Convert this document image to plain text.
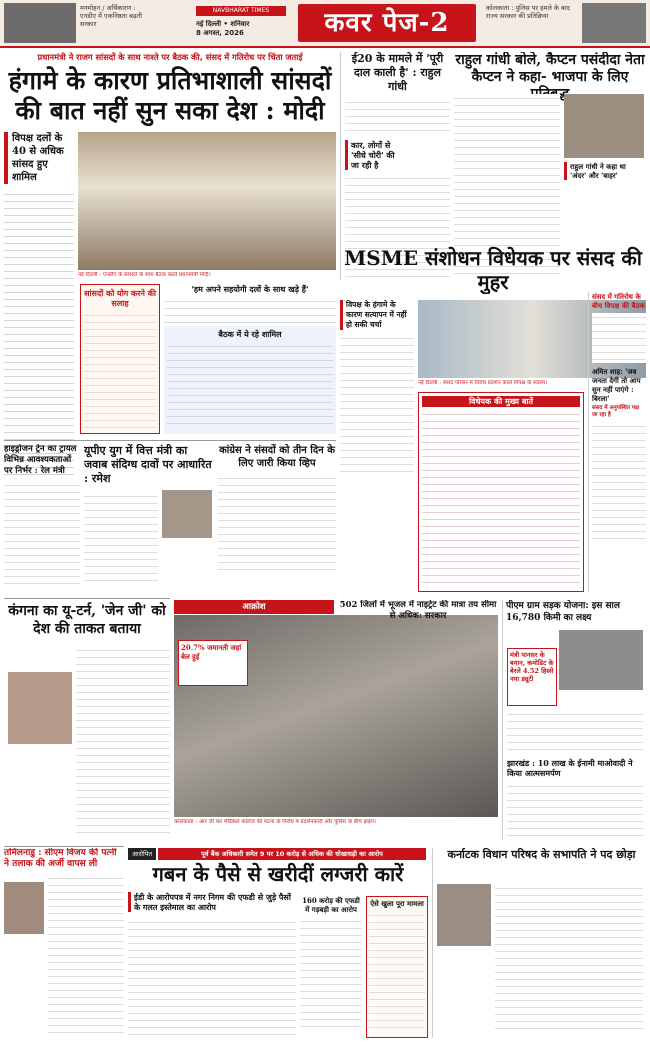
मनमोहन / अर्थिकारण : एनडीए में एकनिष्ठता बढ़ती सरकार
NAVBHARAT TIMES
नई दिल्ली • शनिवार
8 अगस्त, 2026	कवर पेज-2	कोलकाता : पुलिस पर हमले के बाद राज्य सरकार की प्रतिक्रिया
प्रधानमंत्री ने राजग सांसदों के साथ नाश्ते पर बैठक की, संसद में गतिरोध पर चिंता जताई
हंगामे के कारण प्रतिभाशाली सांसदों की बात नहीं सुन सका देश : मोदी
विपक्ष दलों के 40 से अधिक सांसद हुए शामिल
नई दिल्ली : एनडीए के सांसदों के साथ बैठक करते प्रधानमंत्री मोदी।
सांसदों को योग करने की सलाह
'हम अपने सहयोगी दलों के साथ खड़े हैं'
बैठक में ये रहे शामिल
ई20 के मामले में 'पूरी दाल काली है' : राहुल गांधी
कार, लोगों से 'सीधे चोरी' की जा रही है
राहुल गांधी बोले, कैप्टन पसंदीदा नेता कैप्टन ने कहा- भाजपा के लिए
राहुल गांधी ने कहा था 'अंदर' और 'बाहर'
MSME संशोधन विधेयक पर संसद की मुहर
विपक्ष के हंगामे के कारण सत्यापन में नहीं हो सकी चर्चा
नई दिल्ली : संसद परिसर में विरोध प्रदर्शन करते विपक्ष के सदस्य।
विधेयक की मुख्य बातें
संसद में गतिरोध के बीच विपक्ष की बैठक
अमित शाह: 'जब जनता देगी तो आप सुन नहीं पाएंगे : बिरला'
संसद में अनुपस्थित पक्ष जा रहा है
हाइड्रोजन ट्रेन का ट्रायल विभिन्न आवश्यकताओं पर निर्भर : रेल मंत्री
यूपीए युग में वित्त मंत्री का जवाब संदिग्ध दावों पर आधारित : रमेश
कांग्रेस ने संसदों को तीन दिन के लिए जारी किया व्हिप
कंगना का यू-टर्न, 'जेन जी' को देश की ताकत बताया
आक्रोश
20.7% जमानती जहां बेल हुई
कोलकाता : आर जी कर मेडिकल कॉलेज की घटना के विरोध में प्रदर्शनकारी और पुलिस के बीच झड़प।
502 जिलों में भूजल में नाइट्रेट की मात्रा तय सीमा से अधिक: सरकार
पीएम ग्राम सड़क योजना: इस साल 16,780 किमी का लक्ष्य
मंत्री पानसर के बयान, कमोडिट के बेरले 4.52 हिस्से नया ड्यूटी
झारखंड : 10 लाख के ईनामी माओवादी ने किया आत्मसमर्पण
तमिलनाडु : सीएम विजय की पत्नी ने तलाक की अर्जी वापस ली
आरोपित	पूर्व बैंक अधिकारी समेत 9 पर 10 करोड़ से अधिक की धोखाधड़ी का आरोप
गबन के पैसे से खरीदीं लग्जरी कारें
ईडी के आरोपपत्र में नगर निगम की एफडी से जुड़े पैसों के गलत इस्तेमाल का आरोप
160 करोड़ की एफडी में गड़बड़ी का आरोप
ऐसे खुला पूरा मामला
कर्नाटक विधान परिषद के सभापति ने पद छोड़ा
